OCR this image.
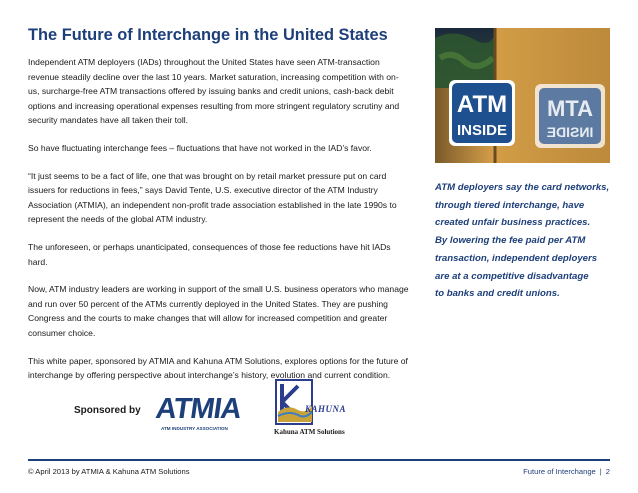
The Future of Interchange in the United States

Independent ATM deployers (IADs) throughout the United States have seen ATM-transaction revenue steadily decline over the last 10 years. Market saturation, increasing competition with on-us, surcharge-free ATM transactions offered by issuing banks and credit unions, cash-back debit options and increasing operational expenses resulting from more stringent regulatory scrutiny and security mandates have all taken their toll.

So have fluctuating interchange fees – fluctuations that have not worked in the IAD’s favor.

“It just seems to be a fact of life, one that was brought on by retail market pressure put on card issuers for reductions in fees,” says David Tente, U.S. executive director of the ATM Industry Association (ATMIA), an independent non-profit trade association established in the late 1990s to represent the needs of the global ATM industry.

The unforeseen, or perhaps unanticipated, consequences of those fee reductions have hit IADs hard.

Now, ATM industry leaders are working in support of the small U.S. business operators who manage and run over 50 percent of the ATMs currently deployed in the United States. They are pushing Congress and the courts to make changes that will allow for increased competition and greater consumer choice.

This white paper, sponsored by ATMIA and Kahuna ATM Solutions, explores options for the future of interchange by offering perspective about interchange’s history, evolution and current condition.

Sponsored by ATMIA
ATM INDUSTRY ASSOCIATION
KAHUNA
Kahuna ATM Solutions
ATM
INSIDE
ATM
INSIDE

ATM deployers say the card networks,

through tiered interchange, have

created unfair business practices.

By lowering the fee paid per ATM

transaction, independent deployers

are at a competitive disadvantage

to banks and credit unions.

© April 2013 by ATMIA & Kahuna ATM Solutions	Future of Interchange | 2
